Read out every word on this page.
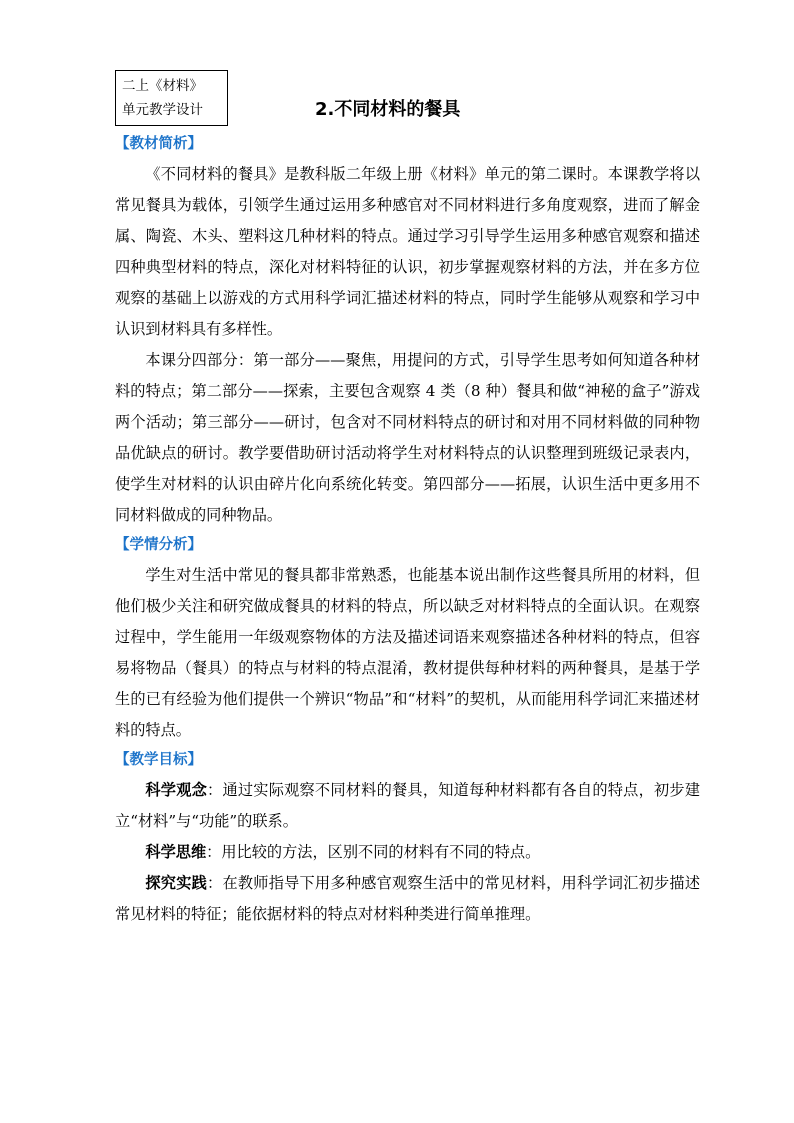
二上《材料》
单元教学设计	2.不同材料的餐具
【教材简析】

《不同材料的餐具》是教科版二年级上册《材料》单元的第二课时。本课教学将以常见餐具为载体，引领学生通过运用多种感官对不同材料进行多角度观察，进而了解金属、陶瓷、木头、塑料这几种材料的特点。通过学习引导学生运用多种感官观察和描述四种典型材料的特点，深化对材料特征的认识，初步掌握观察材料的方法，并在多方位观察的基础上以游戏的方式用科学词汇描述材料的特点，同时学生能够从观察和学习中认识到材料具有多样性。

本课分四部分：第一部分——聚焦，用提问的方式，引导学生思考如何知道各种材料的特点；第二部分——探索，主要包含观察 4 类（8 种）餐具和做“神秘的盒子”游戏两个活动；第三部分——研讨，包含对不同材料特点的研讨和对用不同材料做的同种物品优缺点的研讨。教学要借助研讨活动将学生对材料特点的认识整理到班级记录表内，使学生对材料的认识由碎片化向系统化转变。第四部分——拓展，认识生活中更多用不同材料做成的同种物品。

【学情分析】

学生对生活中常见的餐具都非常熟悉，也能基本说出制作这些餐具所用的材料，但他们极少关注和研究做成餐具的材料的特点，所以缺乏对材料特点的全面认识。在观察过程中，学生能用一年级观察物体的方法及描述词语来观察描述各种材料的特点，但容易将物品（餐具）的特点与材料的特点混淆，教材提供每种材料的两种餐具，是基于学生的已有经验为他们提供一个辨识“物品”和“材料”的契机，从而能用科学词汇来描述材料的特点。

【教学目标】

科学观念：通过实际观察不同材料的餐具，知道每种材料都有各自的特点，初步建立“材料”与“功能”的联系。

科学思维：用比较的方法，区别不同的材料有不同的特点。

探究实践：在教师指导下用多种感官观察生活中的常见材料，用科学词汇初步描述常见材料的特征；能依据材料的特点对材料种类进行简单推理。
